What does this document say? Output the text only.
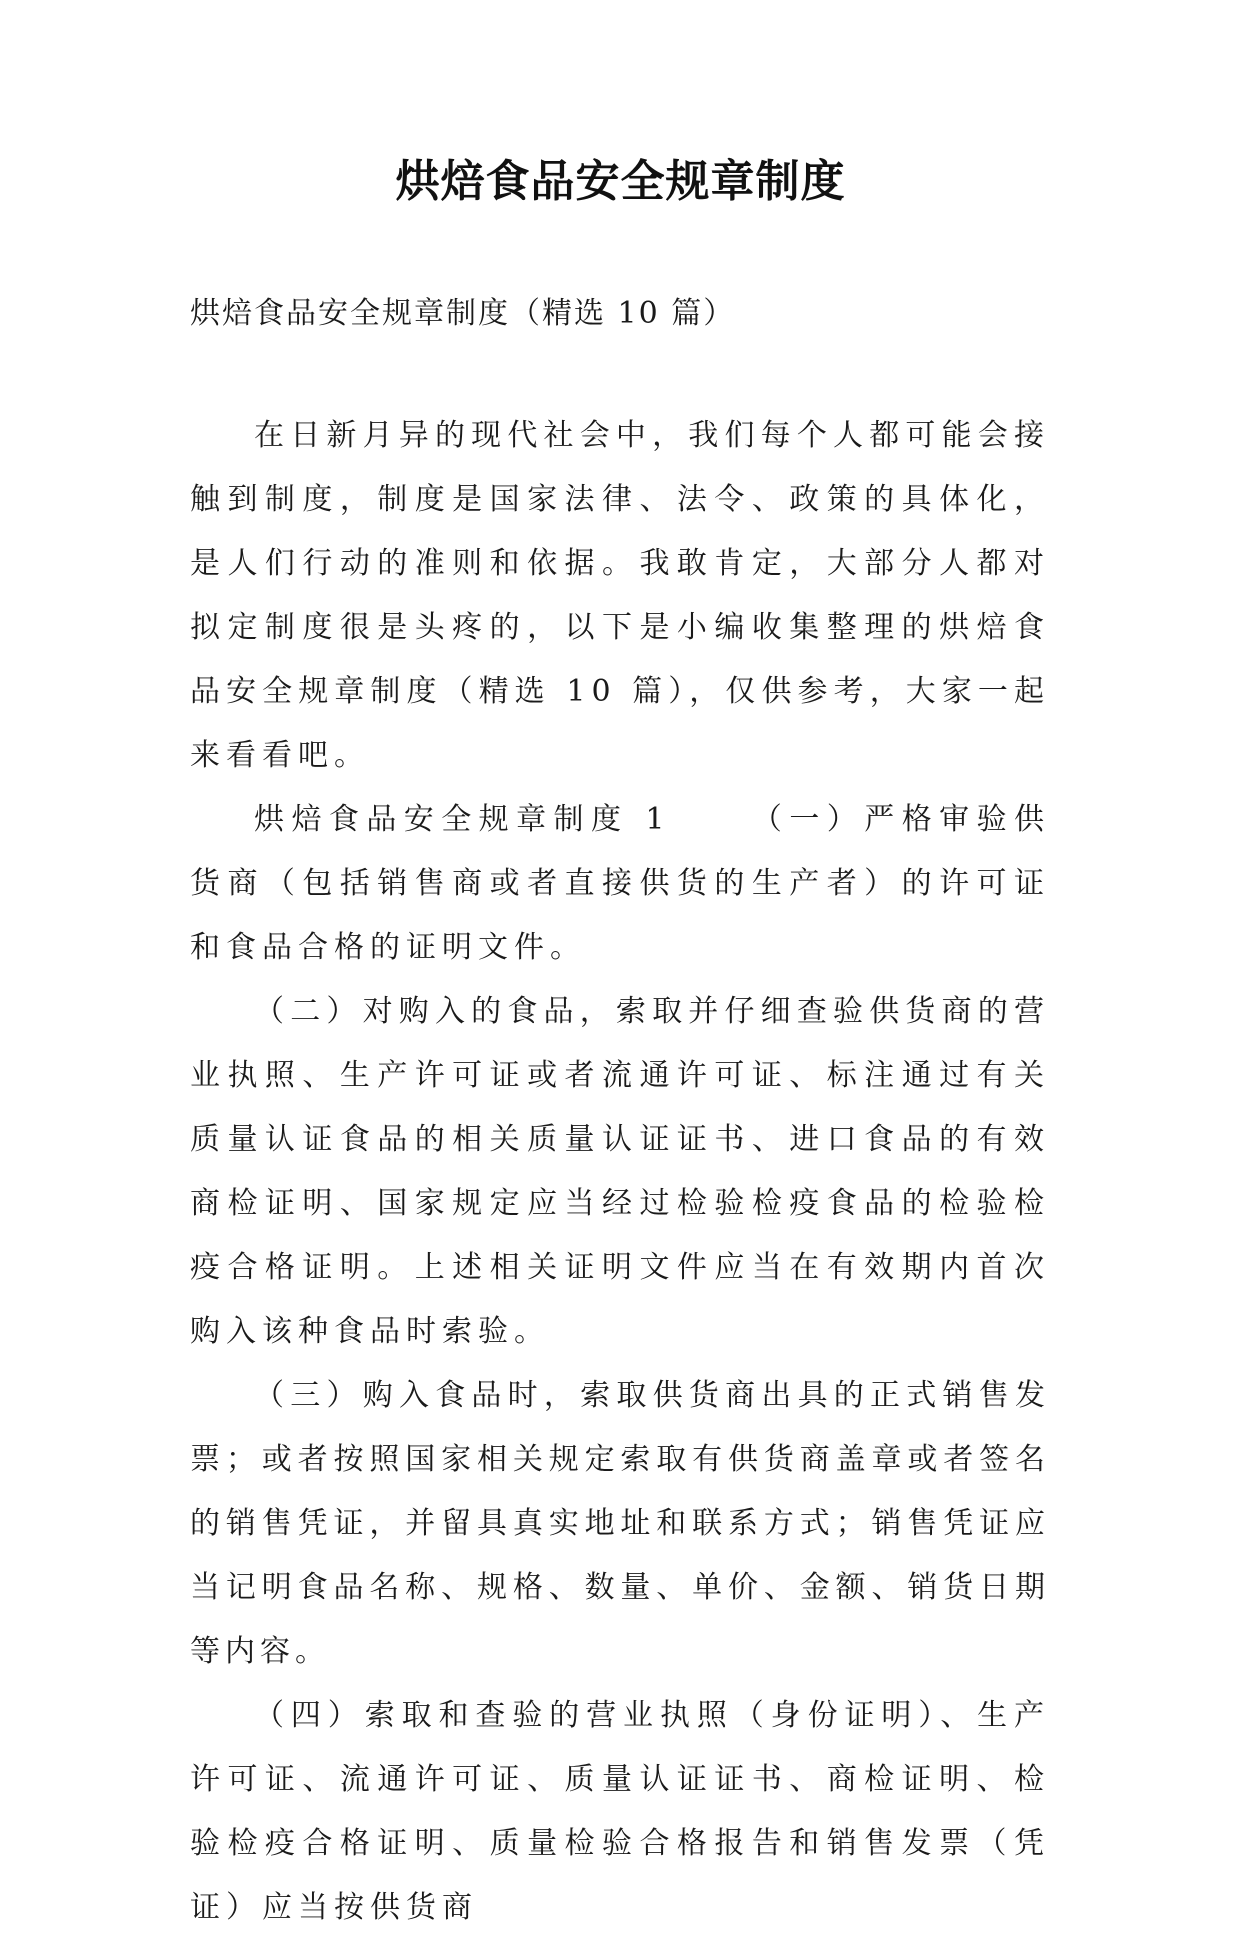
烘焙食品安全规章制度
烘焙食品安全规章制度（精选 10 篇）

在日新月异的现代社会中，我们每个人都可能会接触到制度，制度是国家法律、法令、政策的具体化，是人们行动的准则和依据。我敢肯定，大部分人都对拟定制度很是头疼的，以下是小编收集整理的烘焙食品安全规章制度（精选 10 篇），仅供参考，大家一起来看看吧。

烘焙食品安全规章制度 1	（一）严格审验供货商（包括销售商或者直接供货的生产者）的许可证和食品合格的证明文件。

（二）对购入的食品，索取并仔细查验供货商的营业执照、生产许可证或者流通许可证、标注通过有关质量认证食品的相关质量认证证书、进口食品的有效商检证明、国家规定应当经过检验检疫食品的检验检疫合格证明。上述相关证明文件应当在有效期内首次购入该种食品时索验。

（三）购入食品时，索取供货商出具的正式销售发票；或者按照国家相关规定索取有供货商盖章或者签名的销售凭证，并留具真实地址和联系方式；销售凭证应当记明食品名称、规格、数量、单价、金额、销货日期等内容。

（四）索取和查验的营业执照（身份证明）、生产许可证、流通许可证、质量认证证书、商检证明、检验检疫合格证明、质量检验合格报告和销售发票（凭证）应当按供货商
